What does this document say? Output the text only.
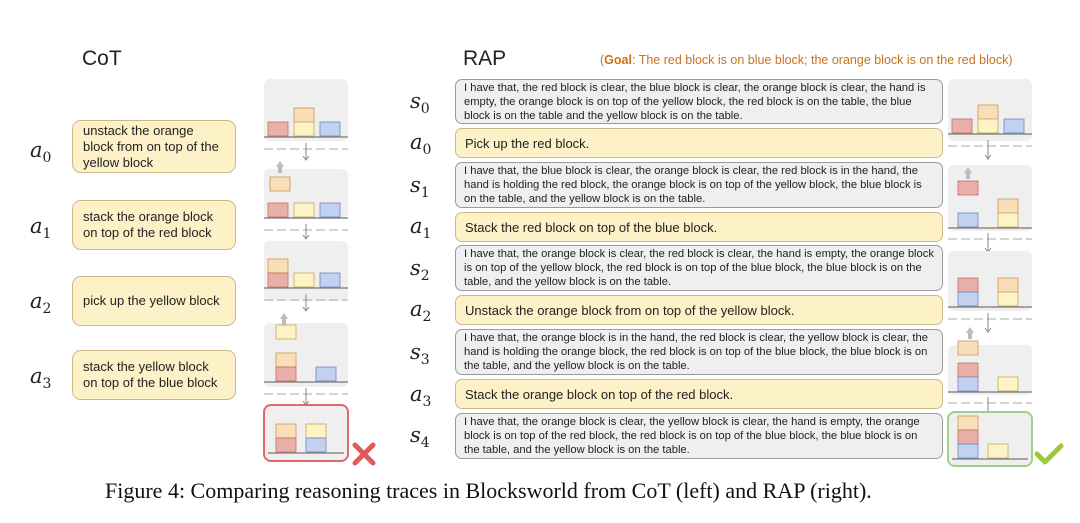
CoT
$a_0$
unstack the orange block from on top of the yellow block
$a_1$
stack the orange block on top of the red block
$a_2$
pick up the yellow block
$a_3$
stack the yellow block on top of the blue block
RAP	(Goal: The red block is on blue block; the orange block is on the red block)
$s_0$
I have that, the red block is clear, the blue block is clear, the orange block is clear, the hand is empty, the orange block is on top of the yellow block, the red block is on the table, the blue block is on the table and the yellow block is on the table.
$a_0$	Pick up the red block.
$s_1$
I have that, the blue block is clear, the orange block is clear, the red block is in the hand, the hand is holding the red block, the orange block is on top of the yellow block, the blue block is on the table, and the yellow block is on the table.
$a_1$	Stack the red block on top of the blue block.
$s_2$
I have that, the orange block is clear, the red block is clear, the hand is empty, the orange block is on top of the yellow block, the red block is on top of the blue block, the blue block is on the table, and the yellow block is on the table.
$a_2$	Unstack the orange block from on top of the yellow block.
$s_3$
I have that, the orange block is in the hand, the red block is clear, the yellow block is clear, the hand is holding the orange block, the red block is on top of the blue block, the blue block is on the table, and the yellow block is on the table.
$a_3$
Stack the orange block on top of the red block.
$s_4$
I have that, the orange block is clear, the yellow block is clear, the hand is empty, the orange block is on top of the red block, the red block is on top of the blue block, the blue block is on the table, and the yellow block is on the table.
Figure 4: Comparing reasoning traces in Blocksworld from CoT (left) and RAP (right).
